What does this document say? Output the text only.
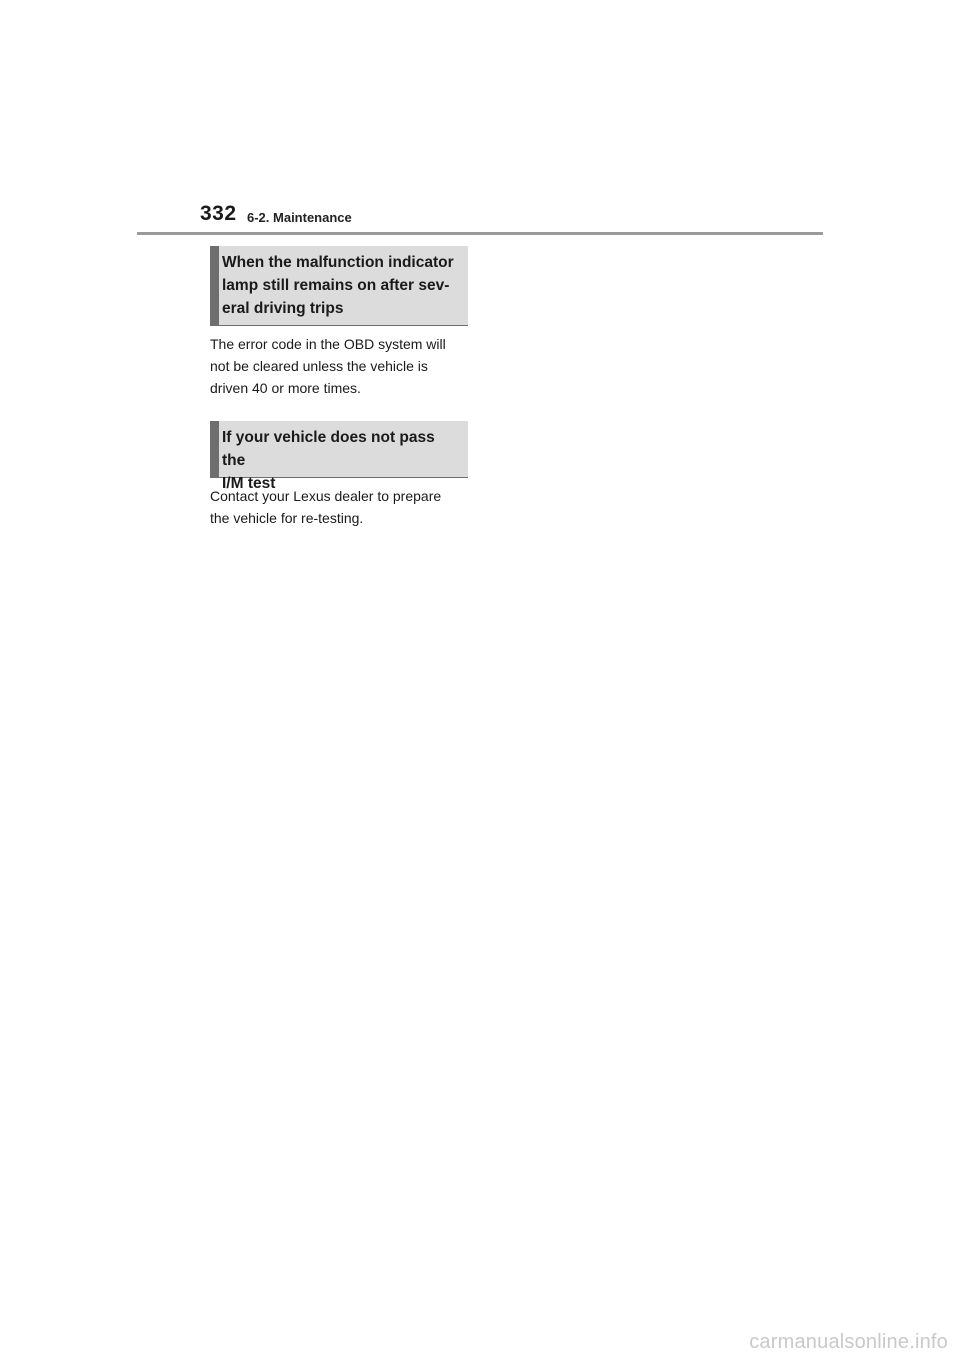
332 6-2. Maintenance
When the malfunction indicator
lamp still remains on after sev-
eral driving trips
The error code in the OBD system will
not be cleared unless the vehicle is
driven 40 or more times.
If your vehicle does not pass the
I/M test
Contact your Lexus dealer to prepare
the vehicle for re-testing.
carmanualsonline.info
